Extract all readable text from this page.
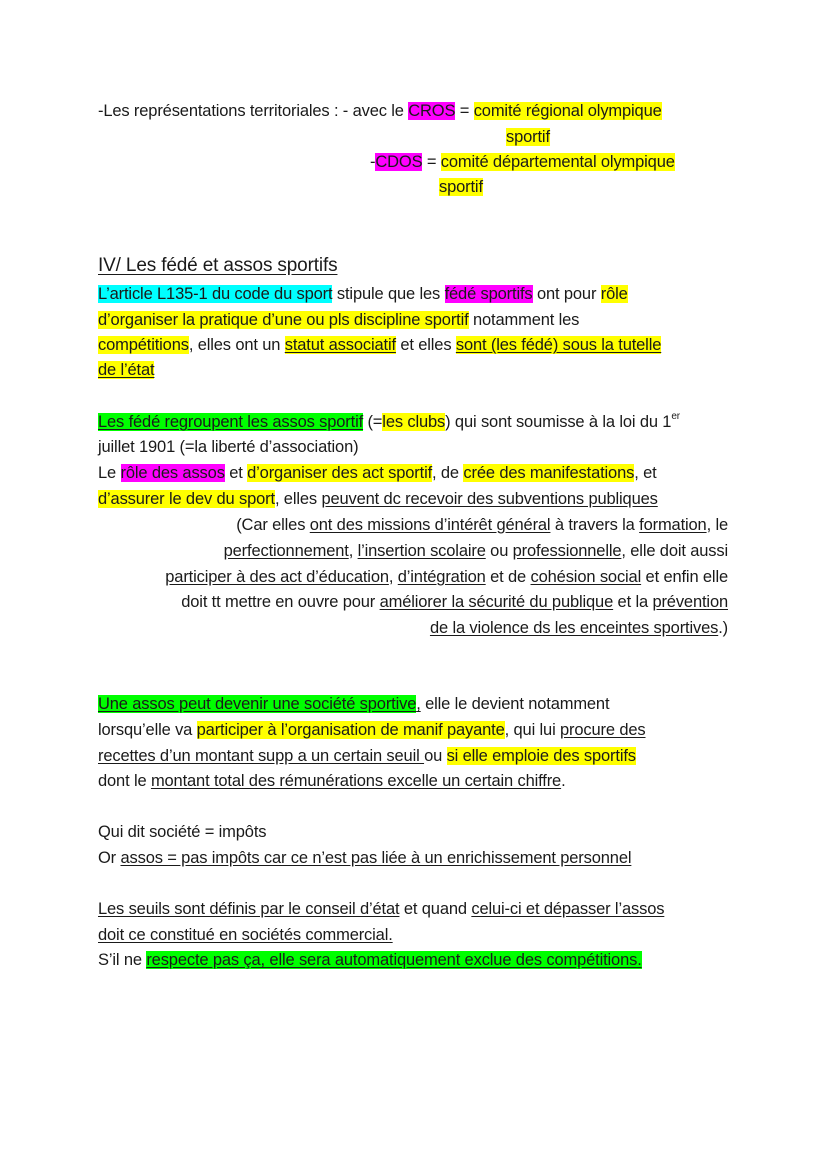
-Les représentations territoriales : - avec le CROS = comité régional olympique
sportif
-CDOS = comité départemental olympique
sportif
IV/ Les fédé et assos sportifs
L’article L135-1 du code du sport stipule que les fédé sportifs ont pour rôle
d’organiser la pratique d’une ou pls discipline sportif notamment les
compétitions, elles ont un statut associatif et elles sont (les fédé) sous la tutelle
de l’état
Les fédé regroupent les assos sportif (=les clubs) qui sont soumisse à la loi du 1er
juillet 1901 (=la liberté d’association)
Le rôle des assos et d’organiser des act sportif, de crée des manifestations, et
d’assurer le dev du sport, elles peuvent dc recevoir des subventions publiques
(Car elles ont des missions d’intérêt général à travers la formation, le
perfectionnement, l’insertion scolaire ou professionnelle, elle doit aussi
participer à des act d’éducation, d’intégration et de cohésion social et enfin elle
doit tt mettre en ouvre pour améliorer la sécurité du publique et la prévention
de la violence ds les enceintes sportives.)
Une assos peut devenir une société sportive, elle le devient notamment
lorsqu’elle va participer à l’organisation de manif payante, qui lui procure des
recettes d’un montant supp a un certain seuil ou si elle emploie des sportifs
dont le montant total des rémunérations excelle un certain chiffre.
Qui dit société = impôts
Or assos = pas impôts car ce n’est pas liée à un enrichissement personnel
Les seuils sont définis par le conseil d’état et quand celui-ci et dépasser l’assos
doit ce constitué en sociétés commercial.
S’il ne respecte pas ça, elle sera automatiquement exclue des compétitions.
